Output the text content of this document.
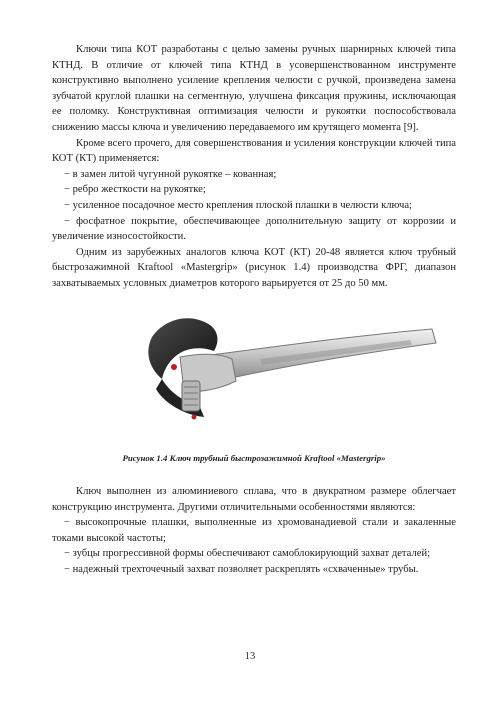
Ключи типа КОТ разработаны с целью замены ручных шарнирных ключей типа КТНД. В отличие от ключей типа КТНД в усовершенствованном инструменте конструктивно выполнено усиление крепления челюсти с ручкой, произведена замена зубчатой круглой плашки на сегментную, улучшена фиксация пружины, исключающая ее поломку. Конструктивная оптимизация челюсти и рукоятки поспособствовала снижению массы ключа и увеличению передаваемого им крутящего момента [9].

Кроме всего прочего, для совершенствования и усиления конструкции ключей типа КОТ (КТ) применяется:

− в замен литой чугунной рукоятке – кованная;

− ребро жесткости на рукоятке;

− усиленное посадочное место крепления плоской плашки в челюсти ключа;

− фосфатное покрытие, обеспечивающее дополнительную защиту от коррозии и увеличение износостойкости.

Одним из зарубежных аналогов ключа КОТ (КТ) 20-48 является ключ трубный быстрозажимной Kraftool «Mastergrip» (рисунок 1.4) производства ФРГ, диапазон захватываемых условных диаметров которого варьируется от 25 до 50 мм.

Рисунок 1.4 Ключ трубный быстрозажимной Kraftool «Mastergrip»

Ключ выполнен из алюминиевого сплава, что в двукратном размере облегчает конструкцию инструмента. Другими отличительными особенностями являются:

− высокопрочные плашки, выполненные из хромованадиевой стали и закаленные токами высокой частоты;

− зубцы прогрессивной формы обеспечивают самоблокирующий захват деталей;

− надежный трехточечный захват позволяет раскреплять «схваченные» трубы.

13
